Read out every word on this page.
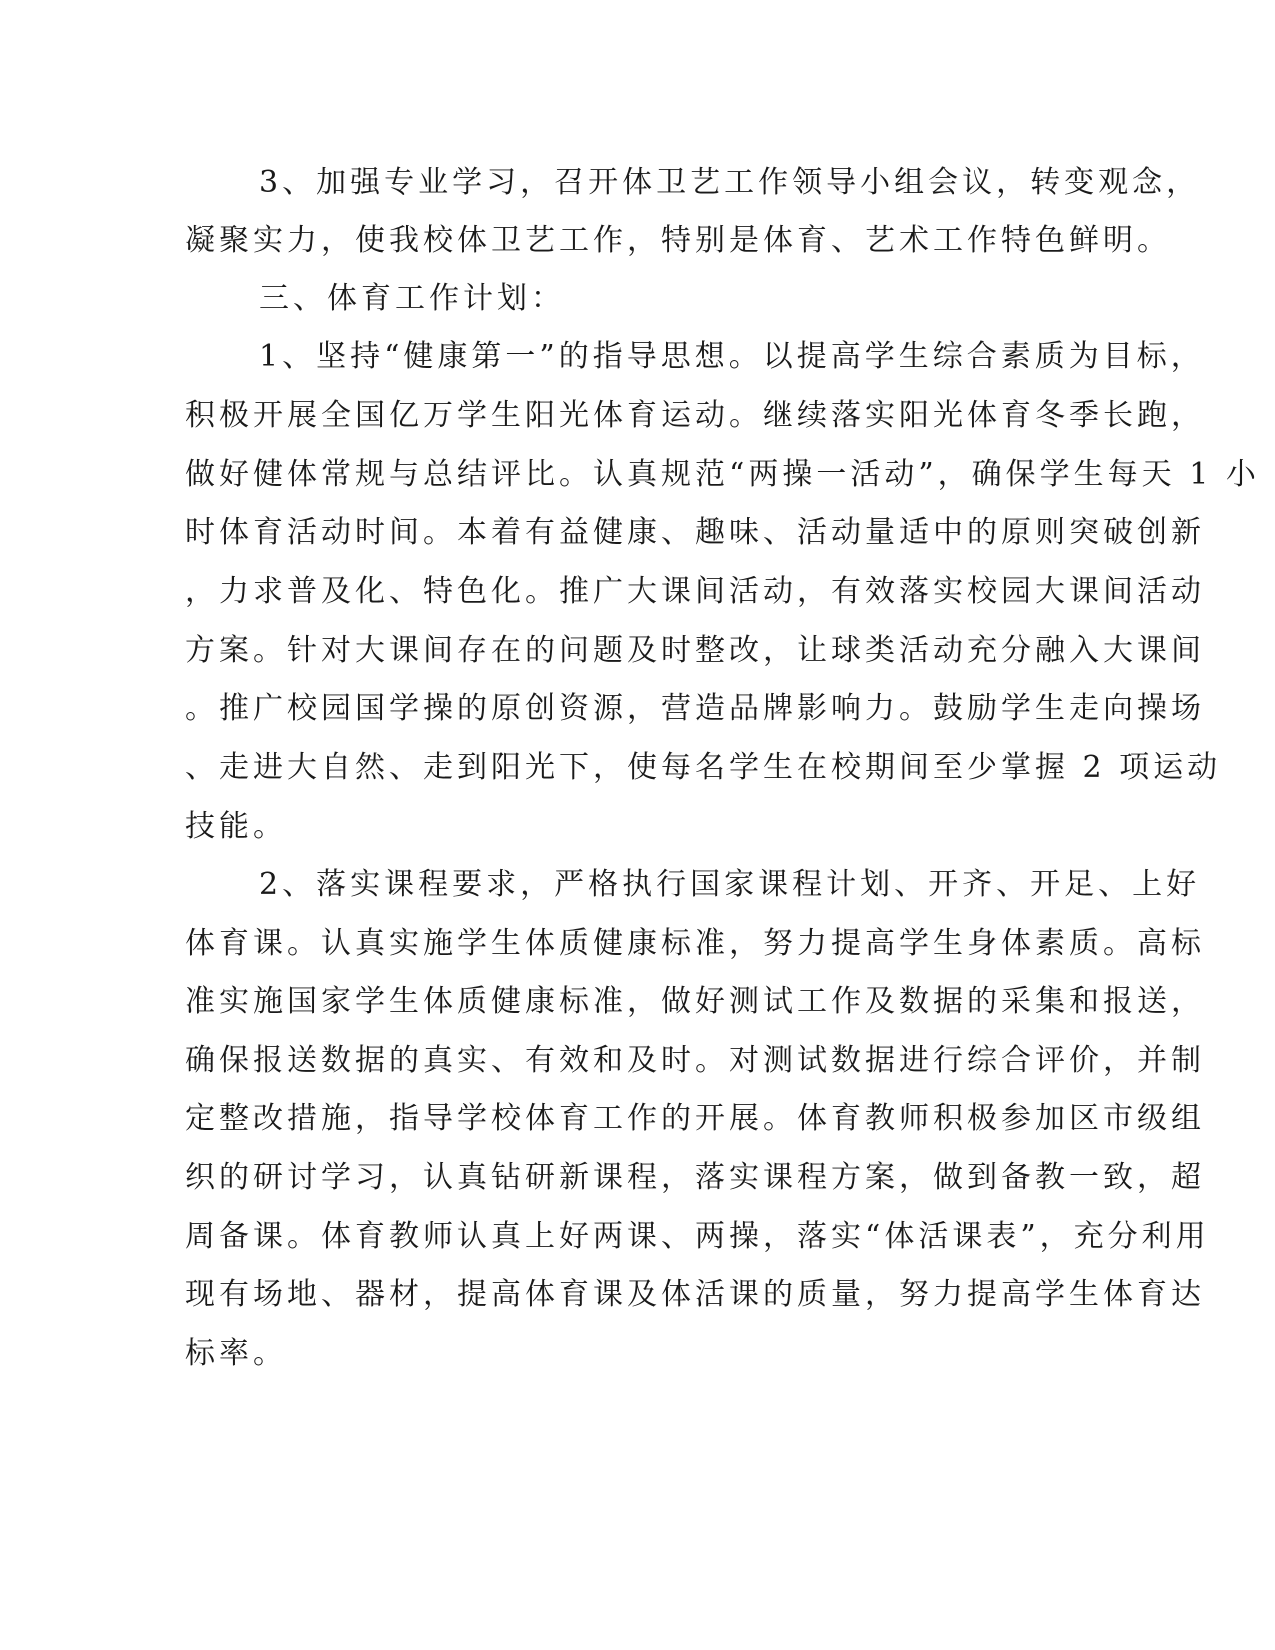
3、加强专业学习，召开体卫艺工作领导小组会议，转变观念，
凝聚实力，使我校体卫艺工作，特别是体育、艺术工作特色鲜明。
三、体育工作计划：
1、坚持“健康第一”的指导思想。以提高学生综合素质为目标，
积极开展全国亿万学生阳光体育运动。继续落实阳光体育冬季长跑，
做好健体常规与总结评比。认真规范“两操一活动”，确保学生每天 1 小
时体育活动时间。本着有益健康、趣味、活动量适中的原则突破创新
，力求普及化、特色化。推广大课间活动，有效落实校园大课间活动
方案。针对大课间存在的问题及时整改，让球类活动充分融入大课间
。推广校园国学操的原创资源，营造品牌影响力。鼓励学生走向操场
、走进大自然、走到阳光下，使每名学生在校期间至少掌握 2 项运动
技能。
2、落实课程要求，严格执行国家课程计划、开齐、开足、上好
体育课。认真实施学生体质健康标准，努力提高学生身体素质。高标
准实施国家学生体质健康标准，做好测试工作及数据的采集和报送，
确保报送数据的真实、有效和及时。对测试数据进行综合评价，并制
定整改措施，指导学校体育工作的开展。体育教师积极参加区市级组
织的研讨学习，认真钻研新课程，落实课程方案，做到备教一致，超
周备课。体育教师认真上好两课、两操，落实“体活课表”，充分利用
现有场地、器材，提高体育课及体活课的质量，努力提高学生体育达
标率。
